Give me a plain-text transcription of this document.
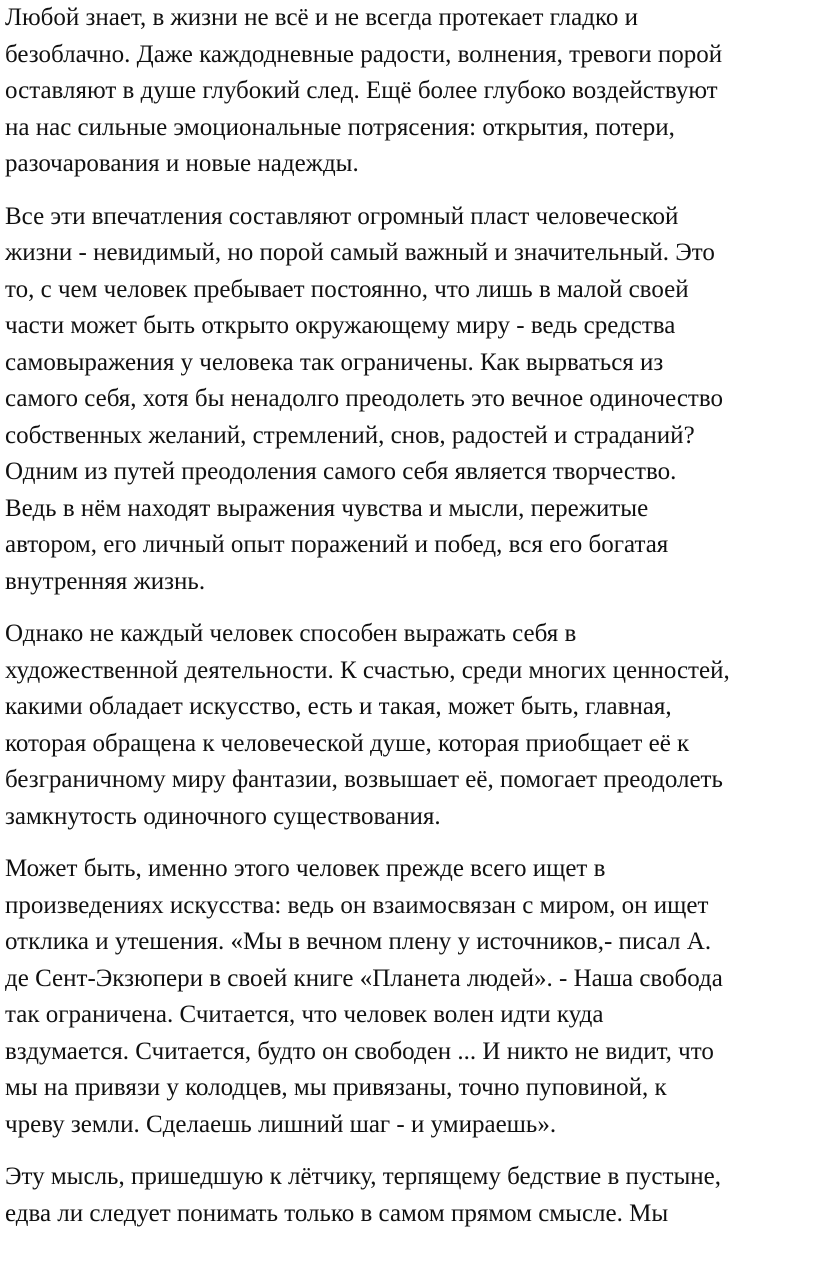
Любой знает, в жизни не всё и не всегда протекает гладко и
безоблачно. Даже каждодневные радости, волнения, тревоги порой
оставляют в душе глубокий след. Ещё более глубоко воздействуют
на нас сильные эмоциональные потрясения: открытия, потери,
разочарования и новые надежды.

Все эти впечатления составляют огромный пласт человеческой
жизни - невидимый, но порой самый важный и значительный. Это
то, с чем человек пребывает постоянно, что лишь в малой своей
части может быть открыто окружающему миру - ведь средства
самовыражения у человека так ограничены. Как вырваться из
самого себя, хотя бы ненадолго преодолеть это вечное одиночество
собственных желаний, стремлений, снов, радостей и страданий?
Одним из путей преодоления самого себя является творчество.
Ведь в нём находят выражения чувства и мысли, пережитые
автором, его личный опыт поражений и побед, вся его богатая
внутренняя жизнь.

Однако не каждый человек способен выражать себя в
художественной деятельности. К счастью, среди многих ценностей,
какими обладает искусство, есть и такая, может быть, главная,
которая обращена к человеческой душе, которая приобщает её к
безграничному миру фантазии, возвышает её, помогает преодолеть
замкнутость одиночного существования.

Может быть, именно этого человек прежде всего ищет в
произведениях искусства: ведь он взаимосвязан с миром, он ищет
отклика и утешения. «Мы в вечном плену у источников,- писал А.
де Сент-Экзюпери в своей книге «Планета людей». - Наша свобода
так ограничена. Считается, что человек волен идти куда
вздумается. Считается, будто он свободен ... И никто не видит, что
мы на привязи у колодцев, мы привязаны, точно пуповиной, к
чреву земли. Сделаешь лишний шаг - и умираешь».

Эту мысль, пришедшую к лётчику, терпящему бедствие в пустыне,
едва ли следует понимать только в самом прямом смысле. Мы
